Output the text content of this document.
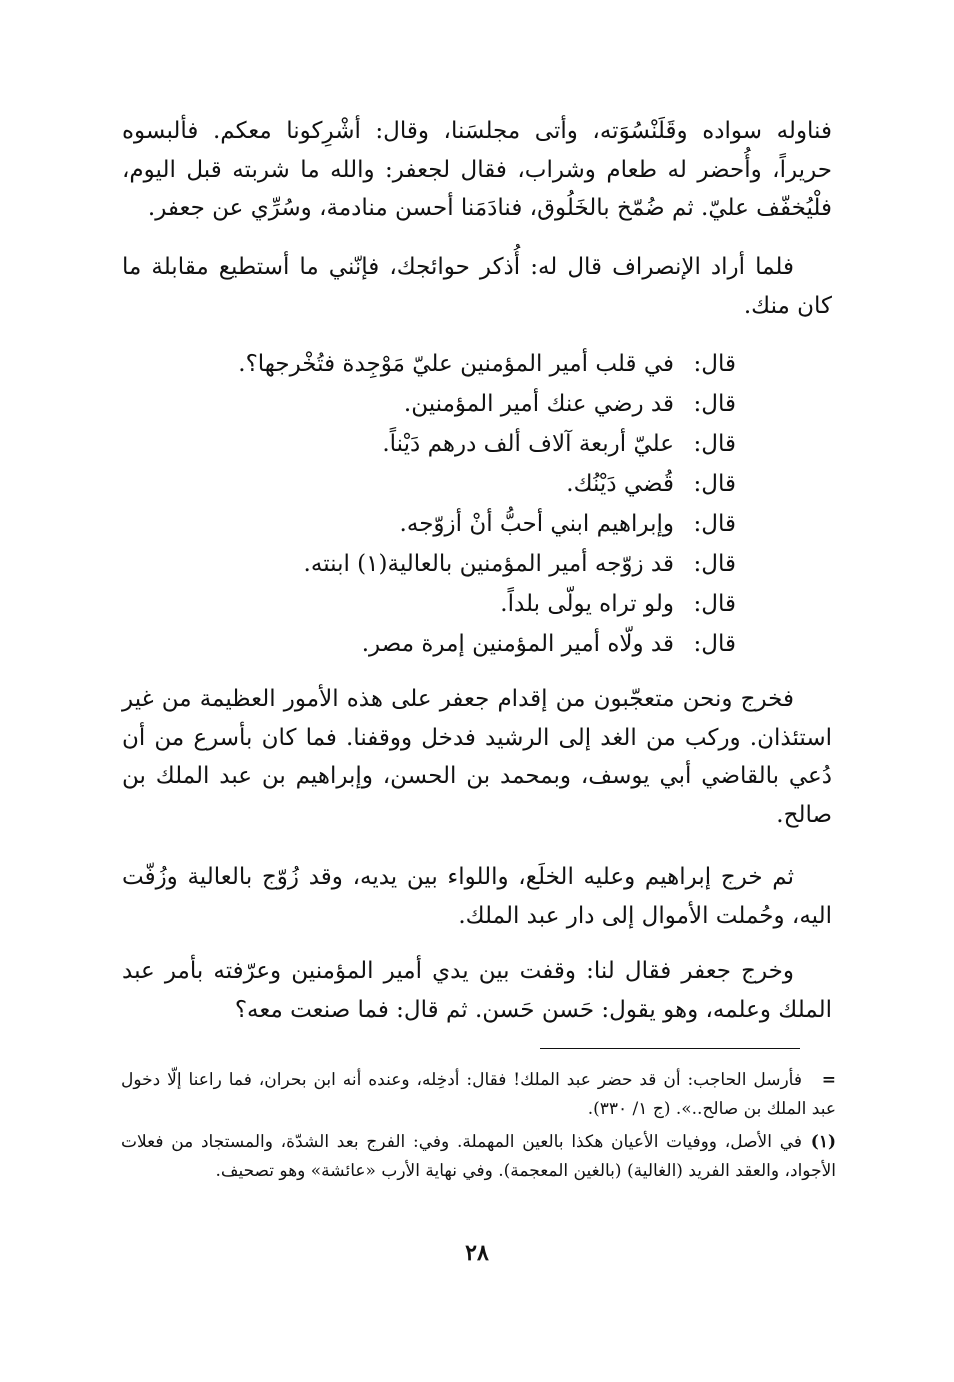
فناوله سواده وقَلَنْسُوَته، وأتى مجلسَنا، وقال: أشْرِكونا معكم. فألبسوه حريراً، وأُحضر له طعام وشراب، فقال لجعفر: والله ما شربته قبل اليوم، فلْيُخفّف عليّ. ثم ضُمّخ بالخَلُوق، فنادَمَنا أحسن منادمة، وسُرِّي عن جعفر.

فلما أراد الإنصراف قال له: أُذكر حوائجك، فإنّني ما أستطيع مقابلة ما كان منك.

قال:في قلب أمير المؤمنين عليّ مَوْجِدة فتُخْرجها؟.
قال:قد رضي عنك أمير المؤمنين.
قال:عليّ أربعة آلاف ألف درهم دَيْناً.
قال:قُضي دَيْنُك.
قال:وإبراهيم ابني أحبُّ أنْ أزوّجه.
قال:قد زوّجه أمير المؤمنين بالعالية(١) ابنته.
قال:ولو تراه يولّى بلداً.
قال:قد ولّاه أمير المؤمنين إمرة مصر.

فخرج ونحن متعجّبون من إقدام جعفر على هذه الأمور العظيمة من غير استئذان. وركب من الغد إلى الرشيد فدخل ووقفنا. فما كان بأسرع من أن دُعي بالقاضي أبي يوسف، وبمحمد بن الحسن، وإبراهيم بن عبد الملك بن صالح.

ثم خرج إبراهيم وعليه الخلَع، واللواء بين يديه، وقد زُوّج بالعالية وزُفّت اليه، وحُملت الأموال إلى دار عبد الملك.

وخرج جعفر فقال لنا: وقفت بين يدي أمير المؤمنين وعرّفته بأمر عبد الملك وعلمه، وهو يقول: حَسن حَسن. ثم قال: فما صنعت معه؟

=فأرسل الحاجب: أن قد حضر عبد الملك! فقال: أدخِله، وعنده أنه ابن بحران، فما راعنا إلّا دخول عبد الملك بن صالح..». (ج ١/ ٣٣٠).

(١)في الأصل، ووفيات الأعيان هكذا بالعين المهملة. وفي: الفرج بعد الشدّة، والمستجاد من فعلات الأجواد، والعقد الفريد (الغالية) (بالغين المعجمة). وفي نهاية الأرب «عائشة» وهو تصحيف.

٢٨
